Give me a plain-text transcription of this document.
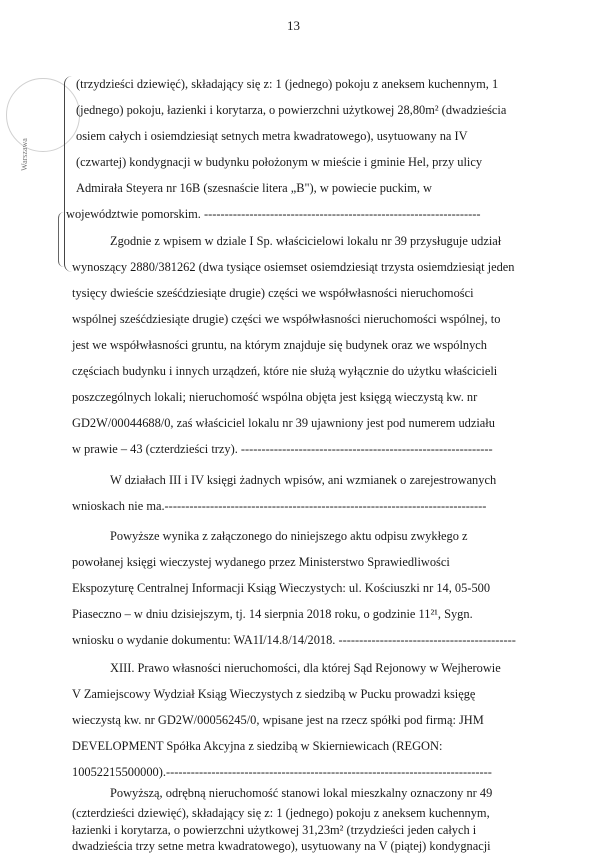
Warszawa
13
(trzydzieści dziewięć), składający się z: 1 (jednego) pokoju z aneksem kuchennym, 1
(jednego) pokoju, łazienki i korytarza, o powierzchni użytkowej 28,80m² (dwadzieścia
osiem całych i osiemdziesiąt setnych metra kwadratowego), usytuowany na IV
(czwartej) kondygnacji w budynku położonym w mieście i gminie Hel, przy ulicy
Admirała Steyera nr 16B (szesnaście litera „B"), w powiecie puckim, w
województwie pomorskim. -------------------------------------------------------------------
Zgodnie z wpisem w dziale I Sp. właścicielowi lokalu nr 39 przysługuje udział
wynoszący 2880/381262 (dwa tysiące osiemset osiemdziesiąt trzysta osiemdziesiąt jeden
tysięcy dwieście sześćdziesiąte drugie) części we współwłasności nieruchomości
wspólnej sześćdziesiąte drugie) części we współwłasności nieruchomości wspólnej, to
jest we współwłasności gruntu, na którym znajduje się budynek oraz we wspólnych
częściach budynku i innych urządzeń, które nie służą wyłącznie do użytku właścicieli
poszczególnych lokali; nieruchomość wspólna objęta jest księgą wieczystą kw. nr
GD2W/00044688/0, zaś właściciel lokalu nr 39 ujawniony jest pod numerem udziału
w prawie – 43 (czterdzieści trzy). -------------------------------------------------------------
W działach III i IV księgi żadnych wpisów, ani wzmianek o zarejestrowanych
wnioskach nie ma.------------------------------------------------------------------------------
Powyższe wynika z załączonego do niniejszego aktu odpisu zwykłego z
powołanej księgi wieczystej wydanego przez Ministerstwo Sprawiedliwości
Ekspozyturę Centralnej Informacji Ksiąg Wieczystych: ul. Kościuszki nr 14, 05-500
Piaseczno – w dniu dzisiejszym, tj. 14 sierpnia 2018 roku, o godzinie 11²¹, Sygn.
wniosku o wydanie dokumentu: WA1I/14.8/14/2018. -------------------------------------------
XIII. Prawo własności nieruchomości, dla której Sąd Rejonowy w Wejherowie
V Zamiejscowy Wydział Ksiąg Wieczystych z siedzibą w Pucku prowadzi księgę
wieczystą kw. nr GD2W/00056245/0, wpisane jest na rzecz spółki pod firmą: JHM
DEVELOPMENT Spółka Akcyjna z siedzibą w Skierniewicach (REGON:
10052215500000).-------------------------------------------------------------------------------
Powyższą, odrębną nieruchomość stanowi lokal mieszkalny oznaczony nr 49
(czterdzieści dziewięć), składający się z: 1 (jednego) pokoju z aneksem kuchennym,
łazienki i korytarza, o powierzchni użytkowej 31,23m² (trzydzieści jeden całych i
dwadzieścia trzy setne metra kwadratowego), usytuowany na V (piątej) kondygnacji
